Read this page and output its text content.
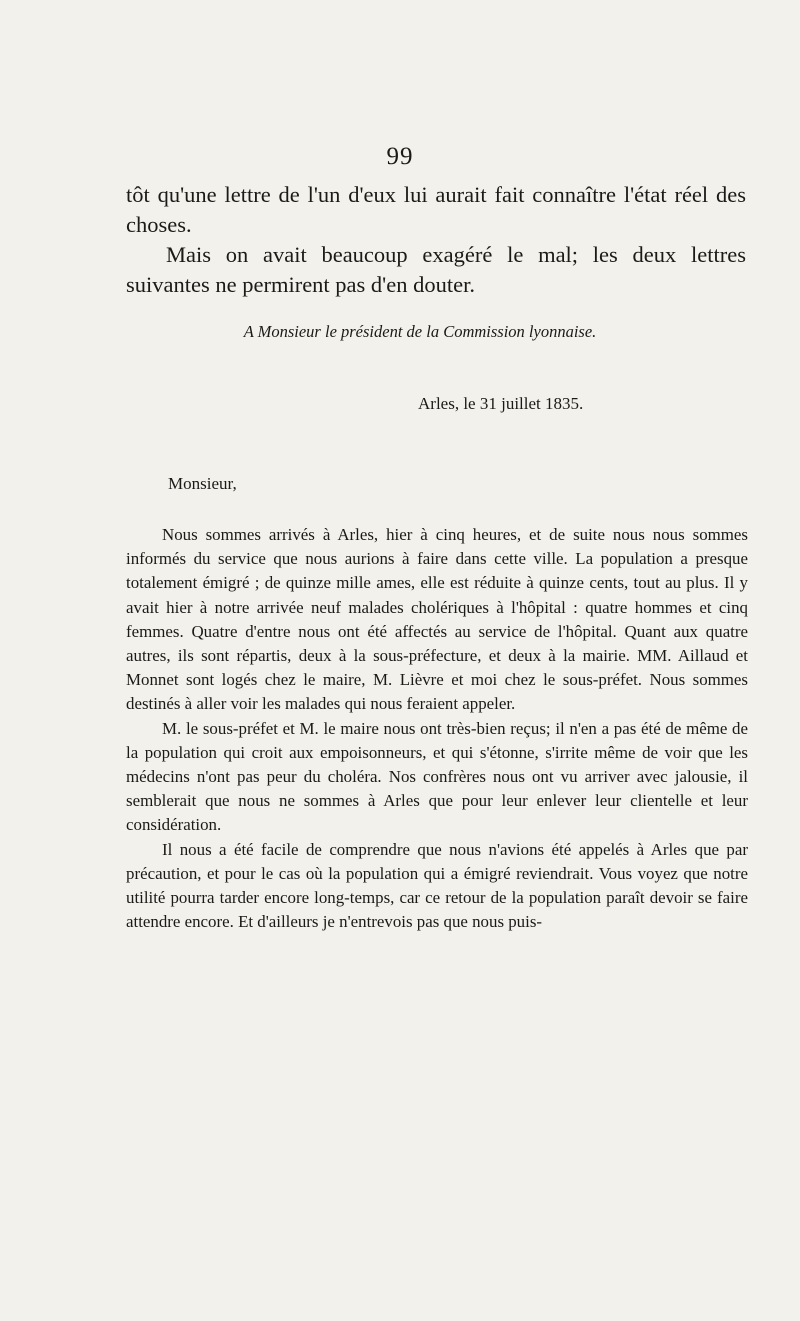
99

tôt qu'une lettre de l'un d'eux lui aurait fait connaître l'état réel des choses.

Mais on avait beaucoup exagéré le mal; les deux lettres suivantes ne permirent pas d'en douter.

A Monsieur le président de la Commission lyonnaise.
Arles, le 31 juillet 1835.
Monsieur,

Nous sommes arrivés à Arles, hier à cinq heures, et de suite nous nous sommes informés du service que nous aurions à faire dans cette ville. La population a presque totalement émigré ; de quinze mille ames, elle est réduite à quinze cents, tout au plus. Il y avait hier à notre arrivée neuf malades cholériques à l'hôpital : quatre hommes et cinq femmes. Quatre d'entre nous ont été affectés au service de l'hôpital. Quant aux quatre autres, ils sont répartis, deux à la sous-préfecture, et deux à la mairie. MM. Aillaud et Monnet sont logés chez le maire, M. Lièvre et moi chez le sous-préfet. Nous sommes destinés à aller voir les malades qui nous feraient appeler.

M. le sous-préfet et M. le maire nous ont très-bien reçus; il n'en a pas été de même de la population qui croit aux empoisonneurs, et qui s'étonne, s'irrite même de voir que les médecins n'ont pas peur du choléra. Nos confrères nous ont vu arriver avec jalousie, il semblerait que nous ne sommes à Arles que pour leur enlever leur clientelle et leur considération.

Il nous a été facile de comprendre que nous n'avions été appelés à Arles que par précaution, et pour le cas où la population qui a émigré reviendrait. Vous voyez que notre utilité pourra tarder encore long-temps, car ce retour de la population paraît devoir se faire attendre encore. Et d'ailleurs je n'entrevois pas que nous puis-
